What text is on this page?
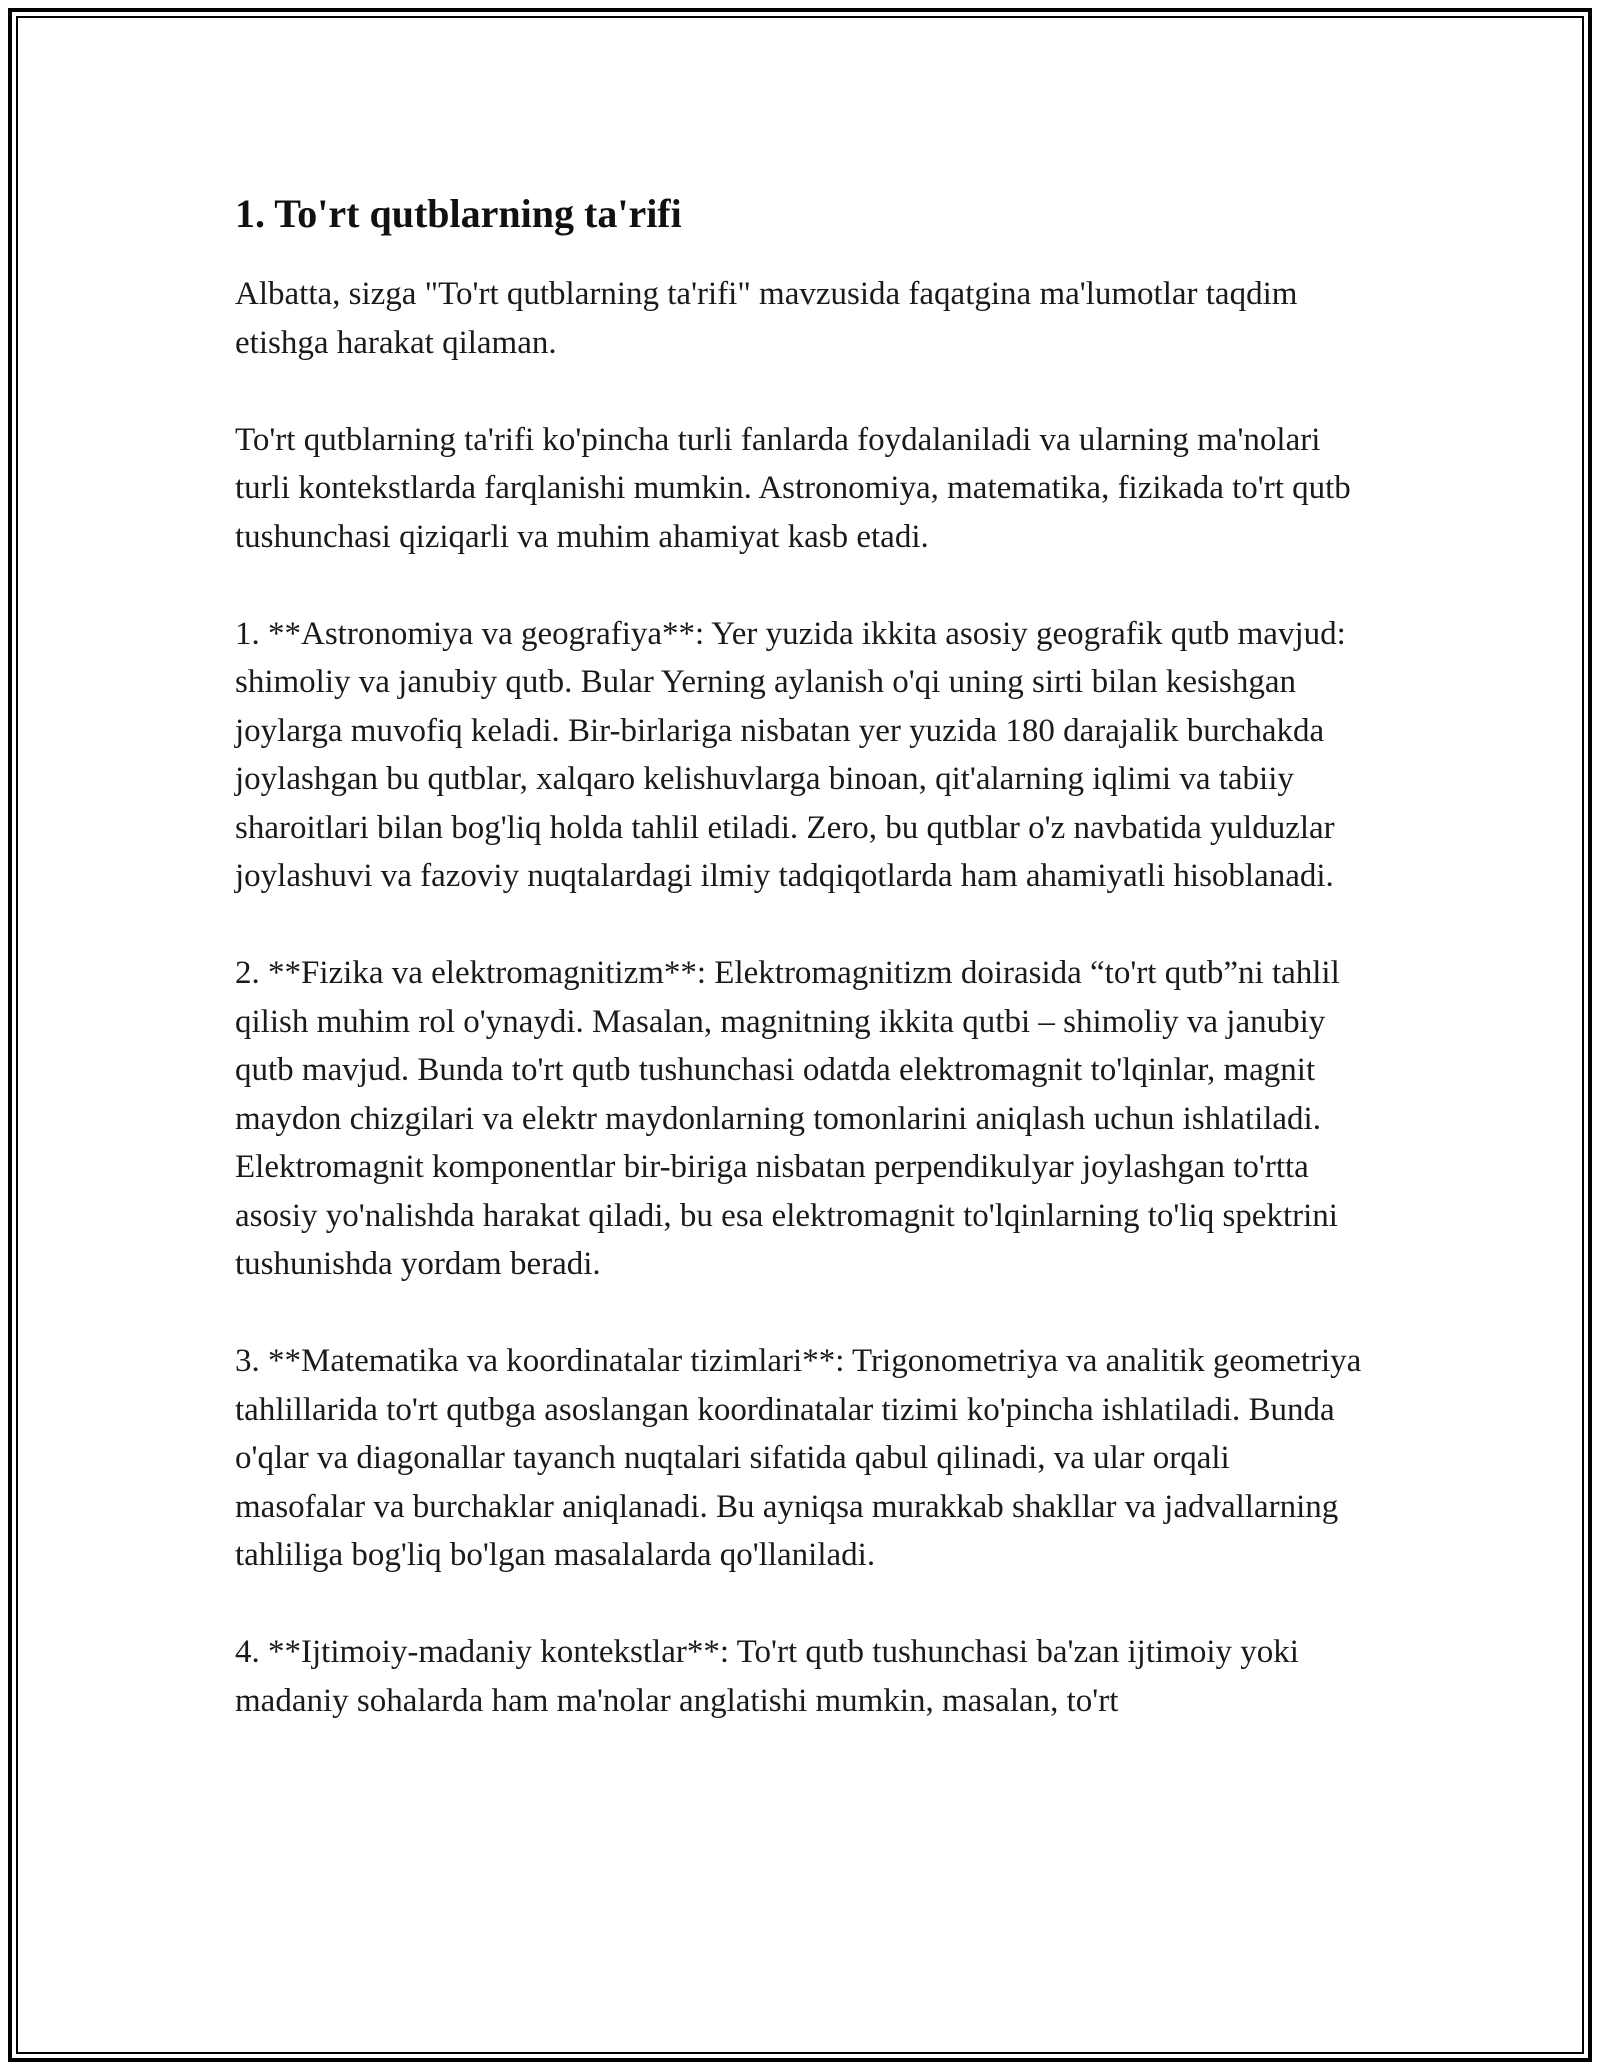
1. To'rt qutblarning ta'rifi

Albatta, sizga "To'rt qutblarning ta'rifi" mavzusida faqatgina ma'lumotlar taqdim etishga harakat qilaman.

To'rt qutblarning ta'rifi ko'pincha turli fanlarda foydalaniladi va ularning ma'nolari turli kontekstlarda farqlanishi mumkin. Astronomiya, matematika, fizikada to'rt qutb tushunchasi qiziqarli va muhim ahamiyat kasb etadi.

1. **Astronomiya va geografiya**: Yer yuzida ikkita asosiy geografik qutb mavjud: shimoliy va janubiy qutb. Bular Yerning aylanish o'qi uning sirti bilan kesishgan joylarga muvofiq keladi. Bir-birlariga nisbatan yer yuzida 180 darajalik burchakda joylashgan bu qutblar, xalqaro kelishuvlarga binoan, qit'alarning iqlimi va tabiiy sharoitlari bilan bog'liq holda tahlil etiladi. Zero, bu qutblar o'z navbatida yulduzlar joylashuvi va fazoviy nuqtalardagi ilmiy tadqiqotlarda ham ahamiyatli hisoblanadi.

2. **Fizika va elektromagnitizm**: Elektromagnitizm doirasida “to'rt qutb”ni tahlil qilish muhim rol o'ynaydi. Masalan, magnitning ikkita qutbi – shimoliy va janubiy qutb mavjud. Bunda to'rt qutb tushunchasi odatda elektromagnit to'lqinlar, magnit maydon chizgilari va elektr maydonlarning tomonlarini aniqlash uchun ishlatiladi. Elektromagnit komponentlar bir-biriga nisbatan perpendikulyar joylashgan to'rtta asosiy yo'nalishda harakat qiladi, bu esa elektromagnit to'lqinlarning to'liq spektrini tushunishda yordam beradi.

3. **Matematika va koordinatalar tizimlari**: Trigonometriya va analitik geometriya tahlillarida to'rt qutbga asoslangan koordinatalar tizimi ko'pincha ishlatiladi. Bunda o'qlar va diagonallar tayanch nuqtalari sifatida qabul qilinadi, va ular orqali masofalar va burchaklar aniqlanadi. Bu ayniqsa murakkab shakllar va jadvallarning tahliliga bog'liq bo'lgan masalalarda qo'llaniladi.

4. **Ijtimoiy-madaniy kontekstlar**: To'rt qutb tushunchasi ba'zan ijtimoiy yoki madaniy sohalarda ham ma'nolar anglatishi mumkin, masalan, to'rt
